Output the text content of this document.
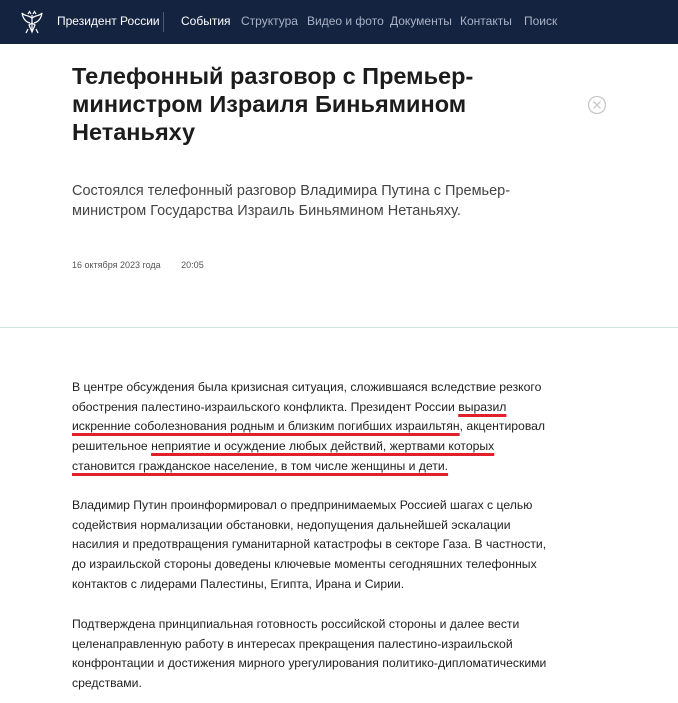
Президент России События Структура Видео и фото Документы Контакты Поиск
Телефонный разговор с Премьер-министром Израиля Биньямином Нетаньяху

Состоялся телефонный разговор Владимира Путина с Премьер-министром Государства Израиль Биньямином Нетаньяху.

16 октября 2023 года 20:05

В центре обсуждения была кризисная ситуация, сложившаяся вследствие резкого обострения палестино-израильского конфликта. Президент России выразил искренние соболезнования родным и близким погибших израильтян, акцентировал решительное неприятие и осуждение любых действий, жертвами которых становится гражданское население, в том числе женщины и дети.

Владимир Путин проинформировал о предпринимаемых Россией шагах с целью содействия нормализации обстановки, недопущения дальнейшей эскалации насилия и предотвращения гуманитарной катастрофы в секторе Газа. В частности, до израильской стороны доведены ключевые моменты сегодняшних телефонных контактов с лидерами Палестины, Египта, Ирана и Сирии.

Подтверждена принципиальная готовность российской стороны и далее вести целенаправленную работу в интересах прекращения палестино-израильской конфронтации и достижения мирного урегулирования политико-дипломатическими средствами.
